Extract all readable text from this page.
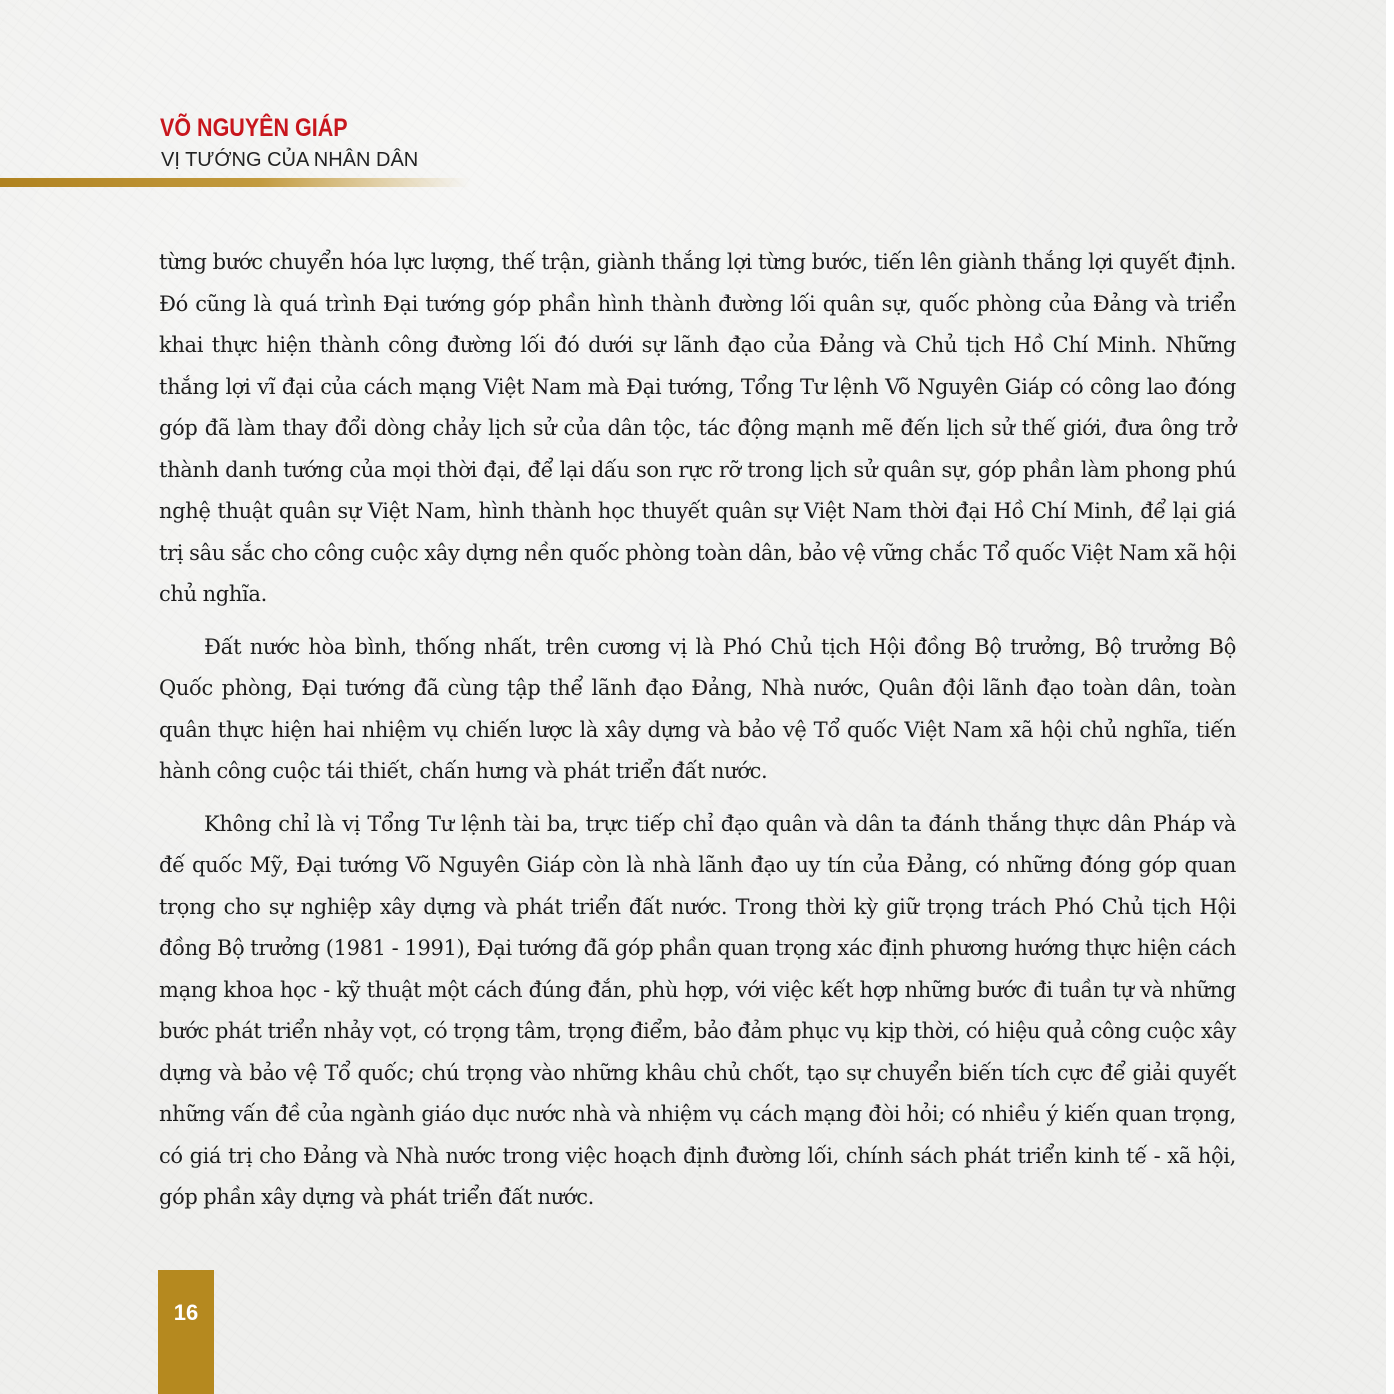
VÕ NGUYÊN GIÁP
VỊ TƯỚNG CỦA NHÂN DÂN

từng bước chuyển hóa lực lượng, thế trận, giành thắng lợi từng bước, tiến lên giành thắng lợi quyết định. Đó cũng là quá trình Đại tướng góp phần hình thành đường lối quân sự, quốc phòng của Đảng và triển khai thực hiện thành công đường lối đó dưới sự lãnh đạo của Đảng và Chủ tịch Hồ Chí Minh. Những thắng lợi vĩ đại của cách mạng Việt Nam mà Đại tướng, Tổng Tư lệnh Võ Nguyên Giáp có công lao đóng góp đã làm thay đổi dòng chảy lịch sử của dân tộc, tác động mạnh mẽ đến lịch sử thế giới, đưa ông trở thành danh tướng của mọi thời đại, để lại dấu son rực rỡ trong lịch sử quân sự, góp phần làm phong phú nghệ thuật quân sự Việt Nam, hình thành học thuyết quân sự Việt Nam thời đại Hồ Chí Minh, để lại giá trị sâu sắc cho công cuộc xây dựng nền quốc phòng toàn dân, bảo vệ vững chắc Tổ quốc Việt Nam xã hội chủ nghĩa.

Đất nước hòa bình, thống nhất, trên cương vị là Phó Chủ tịch Hội đồng Bộ trưởng, Bộ trưởng Bộ Quốc phòng, Đại tướng đã cùng tập thể lãnh đạo Đảng, Nhà nước, Quân đội lãnh đạo toàn dân, toàn quân thực hiện hai nhiệm vụ chiến lược là xây dựng và bảo vệ Tổ quốc Việt Nam xã hội chủ nghĩa, tiến hành công cuộc tái thiết, chấn hưng và phát triển đất nước.

Không chỉ là vị Tổng Tư lệnh tài ba, trực tiếp chỉ đạo quân và dân ta đánh thắng thực dân Pháp và đế quốc Mỹ, Đại tướng Võ Nguyên Giáp còn là nhà lãnh đạo uy tín của Đảng, có những đóng góp quan trọng cho sự nghiệp xây dựng và phát triển đất nước. Trong thời kỳ giữ trọng trách Phó Chủ tịch Hội đồng Bộ trưởng (1981 - 1991), Đại tướng đã góp phần quan trọng xác định phương hướng thực hiện cách mạng khoa học - kỹ thuật một cách đúng đắn, phù hợp, với việc kết hợp những bước đi tuần tự và những bước phát triển nhảy vọt, có trọng tâm, trọng điểm, bảo đảm phục vụ kịp thời, có hiệu quả công cuộc xây dựng và bảo vệ Tổ quốc; chú trọng vào những khâu chủ chốt, tạo sự chuyển biến tích cực để giải quyết những vấn đề của ngành giáo dục nước nhà và nhiệm vụ cách mạng đòi hỏi; có nhiều ý kiến quan trọng, có giá trị cho Đảng và Nhà nước trong việc hoạch định đường lối, chính sách phát triển kinh tế - xã hội, góp phần xây dựng và phát triển đất nước.

16
